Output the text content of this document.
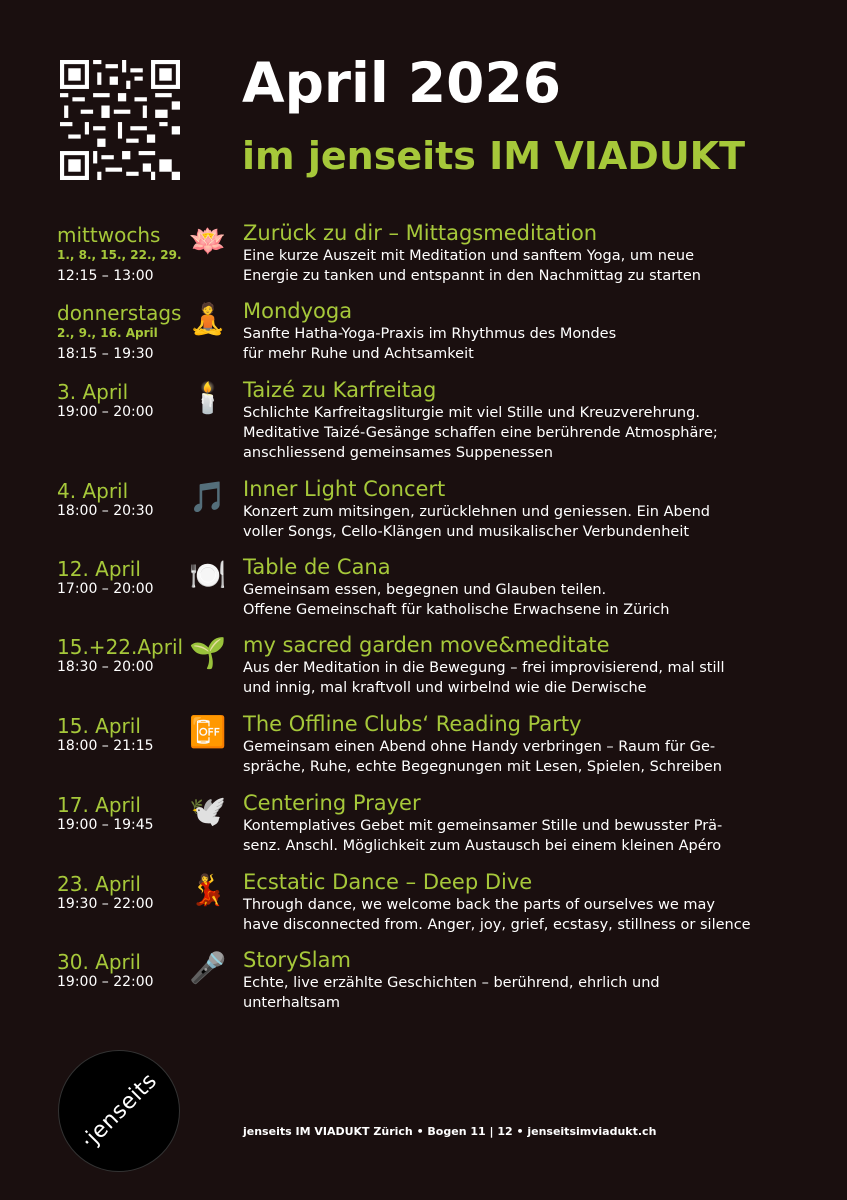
April 2026
im jenseits IM VIADUKT
mittwochs
1., 8., 15., 22., 29.
12:15 – 13:00
🪷 Zurück zu dir – Mittagsmeditation
Eine kurze Auszeit mit Meditation und sanftem Yoga, um neue
Energie zu tanken und entspannt in den Nachmittag zu starten
donnerstags
2., 9., 16. April
18:15 – 19:30
🧘 Mondyoga
Sanfte Hatha-Yoga-Praxis im Rhythmus des Mondes
für mehr Ruhe und Achtsamkeit
3. April
19:00 – 20:00 🕯️ Taizé zu Karfreitag
Schlichte Karfreitagsliturgie mit viel Stille und Kreuzverehrung.
Meditative Taizé-Gesänge schaffen eine berührende Atmosphäre;
anschliessend gemeinsames Suppenessen
4. April
18:00 – 20:30 🎵 Inner Light Concert
Konzert zum mitsingen, zurücklehnen und geniessen. Ein Abend
voller Songs, Cello-Klängen und musikalischer Verbundenheit
12. April
17:00 – 20:00 🍽️ Table de Cana
Gemeinsam essen, begegnen und Glauben teilen.
Offene Gemeinschaft für katholische Erwachsene in Zürich
15.+22.April
18:30 – 20:00 🌱 my sacred garden move&meditate
Aus der Meditation in die Bewegung – frei improvisierend, mal still
und innig, mal kraftvoll und wirbelnd wie die Derwische
15. April
18:00 – 21:15 📴 The Offline Clubs‘ Reading Party
Gemeinsam einen Abend ohne Handy verbringen – Raum für Ge-
spräche, Ruhe, echte Begegnungen mit Lesen, Spielen, Schreiben
17. April
19:00 – 19:45 🕊️ Centering Prayer
Kontemplatives Gebet mit gemeinsamer Stille und bewusster Prä-
senz. Anschl. Möglichkeit zum Austausch bei einem kleinen Apéro
23. April
19:30 – 22:00 💃 Ecstatic Dance – Deep Dive
Through dance, we welcome back the parts of ourselves we may
have disconnected from. Anger, joy, grief, ecstasy, stillness or silence
30. April
19:00 – 22:00 🎤 StorySlam
Echte, live erzählte Geschichten – berührend, ehrlich und
unterhaltsam
·jenseits	jenseits IM VIADUKT Zürich • Bogen 11 | 12 • jenseitsimviadukt.ch
